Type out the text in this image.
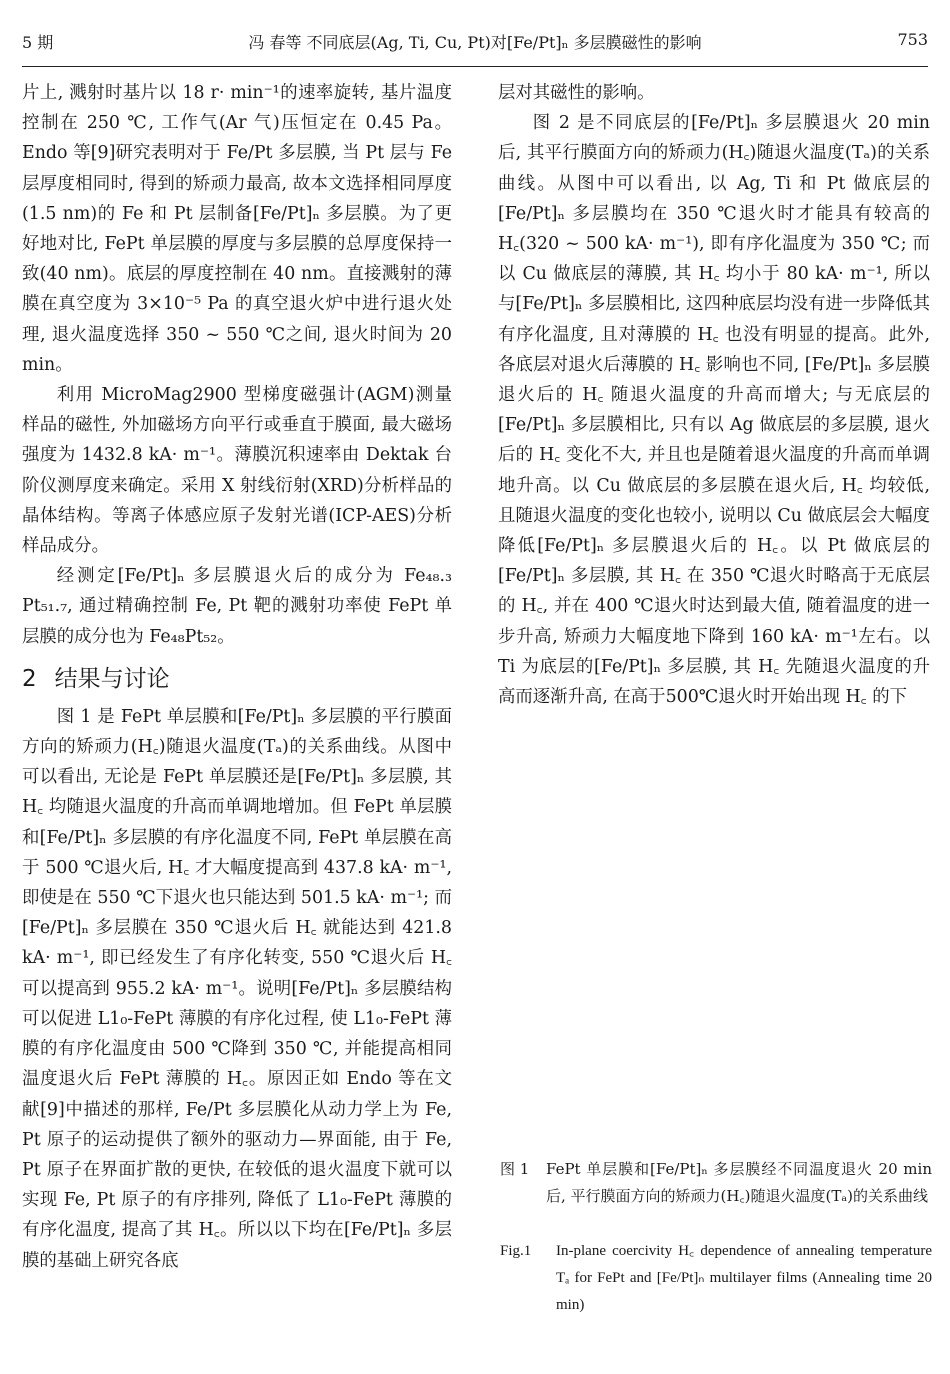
5 期	冯 春等 不同底层(Ag, Ti, Cu, Pt)对[Fe/Pt]ₙ 多层膜磁性的影响	753

片上, 溅射时基片以 18 r· min⁻¹的速率旋转, 基片温度控制在 250 ℃, 工作气(Ar 气)压恒定在 0.45 Pa。Endo 等[9]研究表明对于 Fe/Pt 多层膜, 当 Pt 层与 Fe 层厚度相同时, 得到的矫顽力最高, 故本文选择相同厚度(1.5 nm)的 Fe 和 Pt 层制备[Fe/Pt]ₙ 多层膜。为了更好地对比, FePt 单层膜的厚度与多层膜的总厚度保持一致(40 nm)。底层的厚度控制在 40 nm。直接溅射的薄膜在真空度为 3×10⁻⁵ Pa 的真空退火炉中进行退火处理, 退火温度选择 350 ~ 550 ℃之间, 退火时间为 20 min。

利用 MicroMag2900 型梯度磁强计(AGM)测量样品的磁性, 外加磁场方向平行或垂直于膜面, 最大磁场强度为 1432.8 kA· m⁻¹。薄膜沉积速率由 Dektak 台阶仪测厚度来确定。采用 X 射线衍射(XRD)分析样品的晶体结构。等离子体感应原子发射光谱(ICP-AES)分析样品成分。

经测定[Fe/Pt]ₙ 多层膜退火后的成分为 Fe₄₈.₃ Pt₅₁.₇, 通过精确控制 Fe, Pt 靶的溅射功率使 FePt 单层膜的成分也为 Fe₄₈Pt₅₂。

2 结果与讨论

图 1 是 FePt 单层膜和[Fe/Pt]ₙ 多层膜的平行膜面方向的矫顽力(H꜀)随退火温度(Tₐ)的关系曲线。从图中可以看出, 无论是 FePt 单层膜还是[Fe/Pt]ₙ 多层膜, 其 H꜀ 均随退火温度的升高而单调地增加。但 FePt 单层膜和[Fe/Pt]ₙ 多层膜的有序化温度不同, FePt 单层膜在高于 500 ℃退火后, H꜀ 才大幅度提高到 437.8 kA· m⁻¹, 即使是在 550 ℃下退火也只能达到 501.5 kA· m⁻¹; 而[Fe/Pt]ₙ 多层膜在 350 ℃退火后 H꜀ 就能达到 421.8 kA· m⁻¹, 即已经发生了有序化转变, 550 ℃退火后 H꜀ 可以提高到 955.2 kA· m⁻¹。说明[Fe/Pt]ₙ 多层膜结构可以促进 L1₀-FePt 薄膜的有序化过程, 使 L1₀-FePt 薄膜的有序化温度由 500 ℃降到 350 ℃, 并能提高相同温度退火后 FePt 薄膜的 H꜀。原因正如 Endo 等在文献[9]中描述的那样, Fe/Pt 多层膜化从动力学上为 Fe, Pt 原子的运动提供了额外的驱动力—界面能, 由于 Fe, Pt 原子在界面扩散的更快, 在较低的退火温度下就可以实现 Fe, Pt 原子的有序排列, 降低了 L1₀-FePt 薄膜的有序化温度, 提高了其 H꜀。所以以下均在[Fe/Pt]ₙ 多层膜的基础上研究各底

层对其磁性的影响。

图 2 是不同底层的[Fe/Pt]ₙ 多层膜退火 20 min 后, 其平行膜面方向的矫顽力(H꜀)随退火温度(Tₐ)的关系曲线。从图中可以看出, 以 Ag, Ti 和 Pt 做底层的[Fe/Pt]ₙ 多层膜均在 350 ℃退火时才能具有较高的 H꜀(320 ~ 500 kA· m⁻¹), 即有序化温度为 350 ℃; 而以 Cu 做底层的薄膜, 其 H꜀ 均小于 80 kA· m⁻¹, 所以与[Fe/Pt]ₙ 多层膜相比, 这四种底层均没有进一步降低其有序化温度, 且对薄膜的 H꜀ 也没有明显的提高。此外, 各底层对退火后薄膜的 H꜀ 影响也不同, [Fe/Pt]ₙ 多层膜退火后的 H꜀ 随退火温度的升高而增大; 与无底层的[Fe/Pt]ₙ 多层膜相比, 只有以 Ag 做底层的多层膜, 退火后的 H꜀ 变化不大, 并且也是随着退火温度的升高而单调地升高。以 Cu 做底层的多层膜在退火后, H꜀ 均较低, 且随退火温度的变化也较小, 说明以 Cu 做底层会大幅度降低[Fe/Pt]ₙ 多层膜退火后的 H꜀。以 Pt 做底层的[Fe/Pt]ₙ 多层膜, 其 H꜀ 在 350 ℃退火时略高于无底层的 H꜀, 并在 400 ℃退火时达到最大值, 随着温度的进一步升高, 矫顽力大幅度地下降到 160 kA· m⁻¹左右。以 Ti 为底层的[Fe/Pt]ₙ 多层膜, 其 H꜀ 先随退火温度的升高而逐渐升高, 在高于500℃退火时开始出现 H꜀ 的下

图 1 FePt 单层膜和[Fe/Pt]ₙ 多层膜经不同温度退火 20 min 后, 平行膜面方向的矫顽力(H꜀)随退火温度(Tₐ)的关系曲线
Fig.1 In-plane coercivity H꜀ dependence of annealing temperature Tₐ for FePt and [Fe/Pt]ₙ multilayer films (Annealing time 20 min)
